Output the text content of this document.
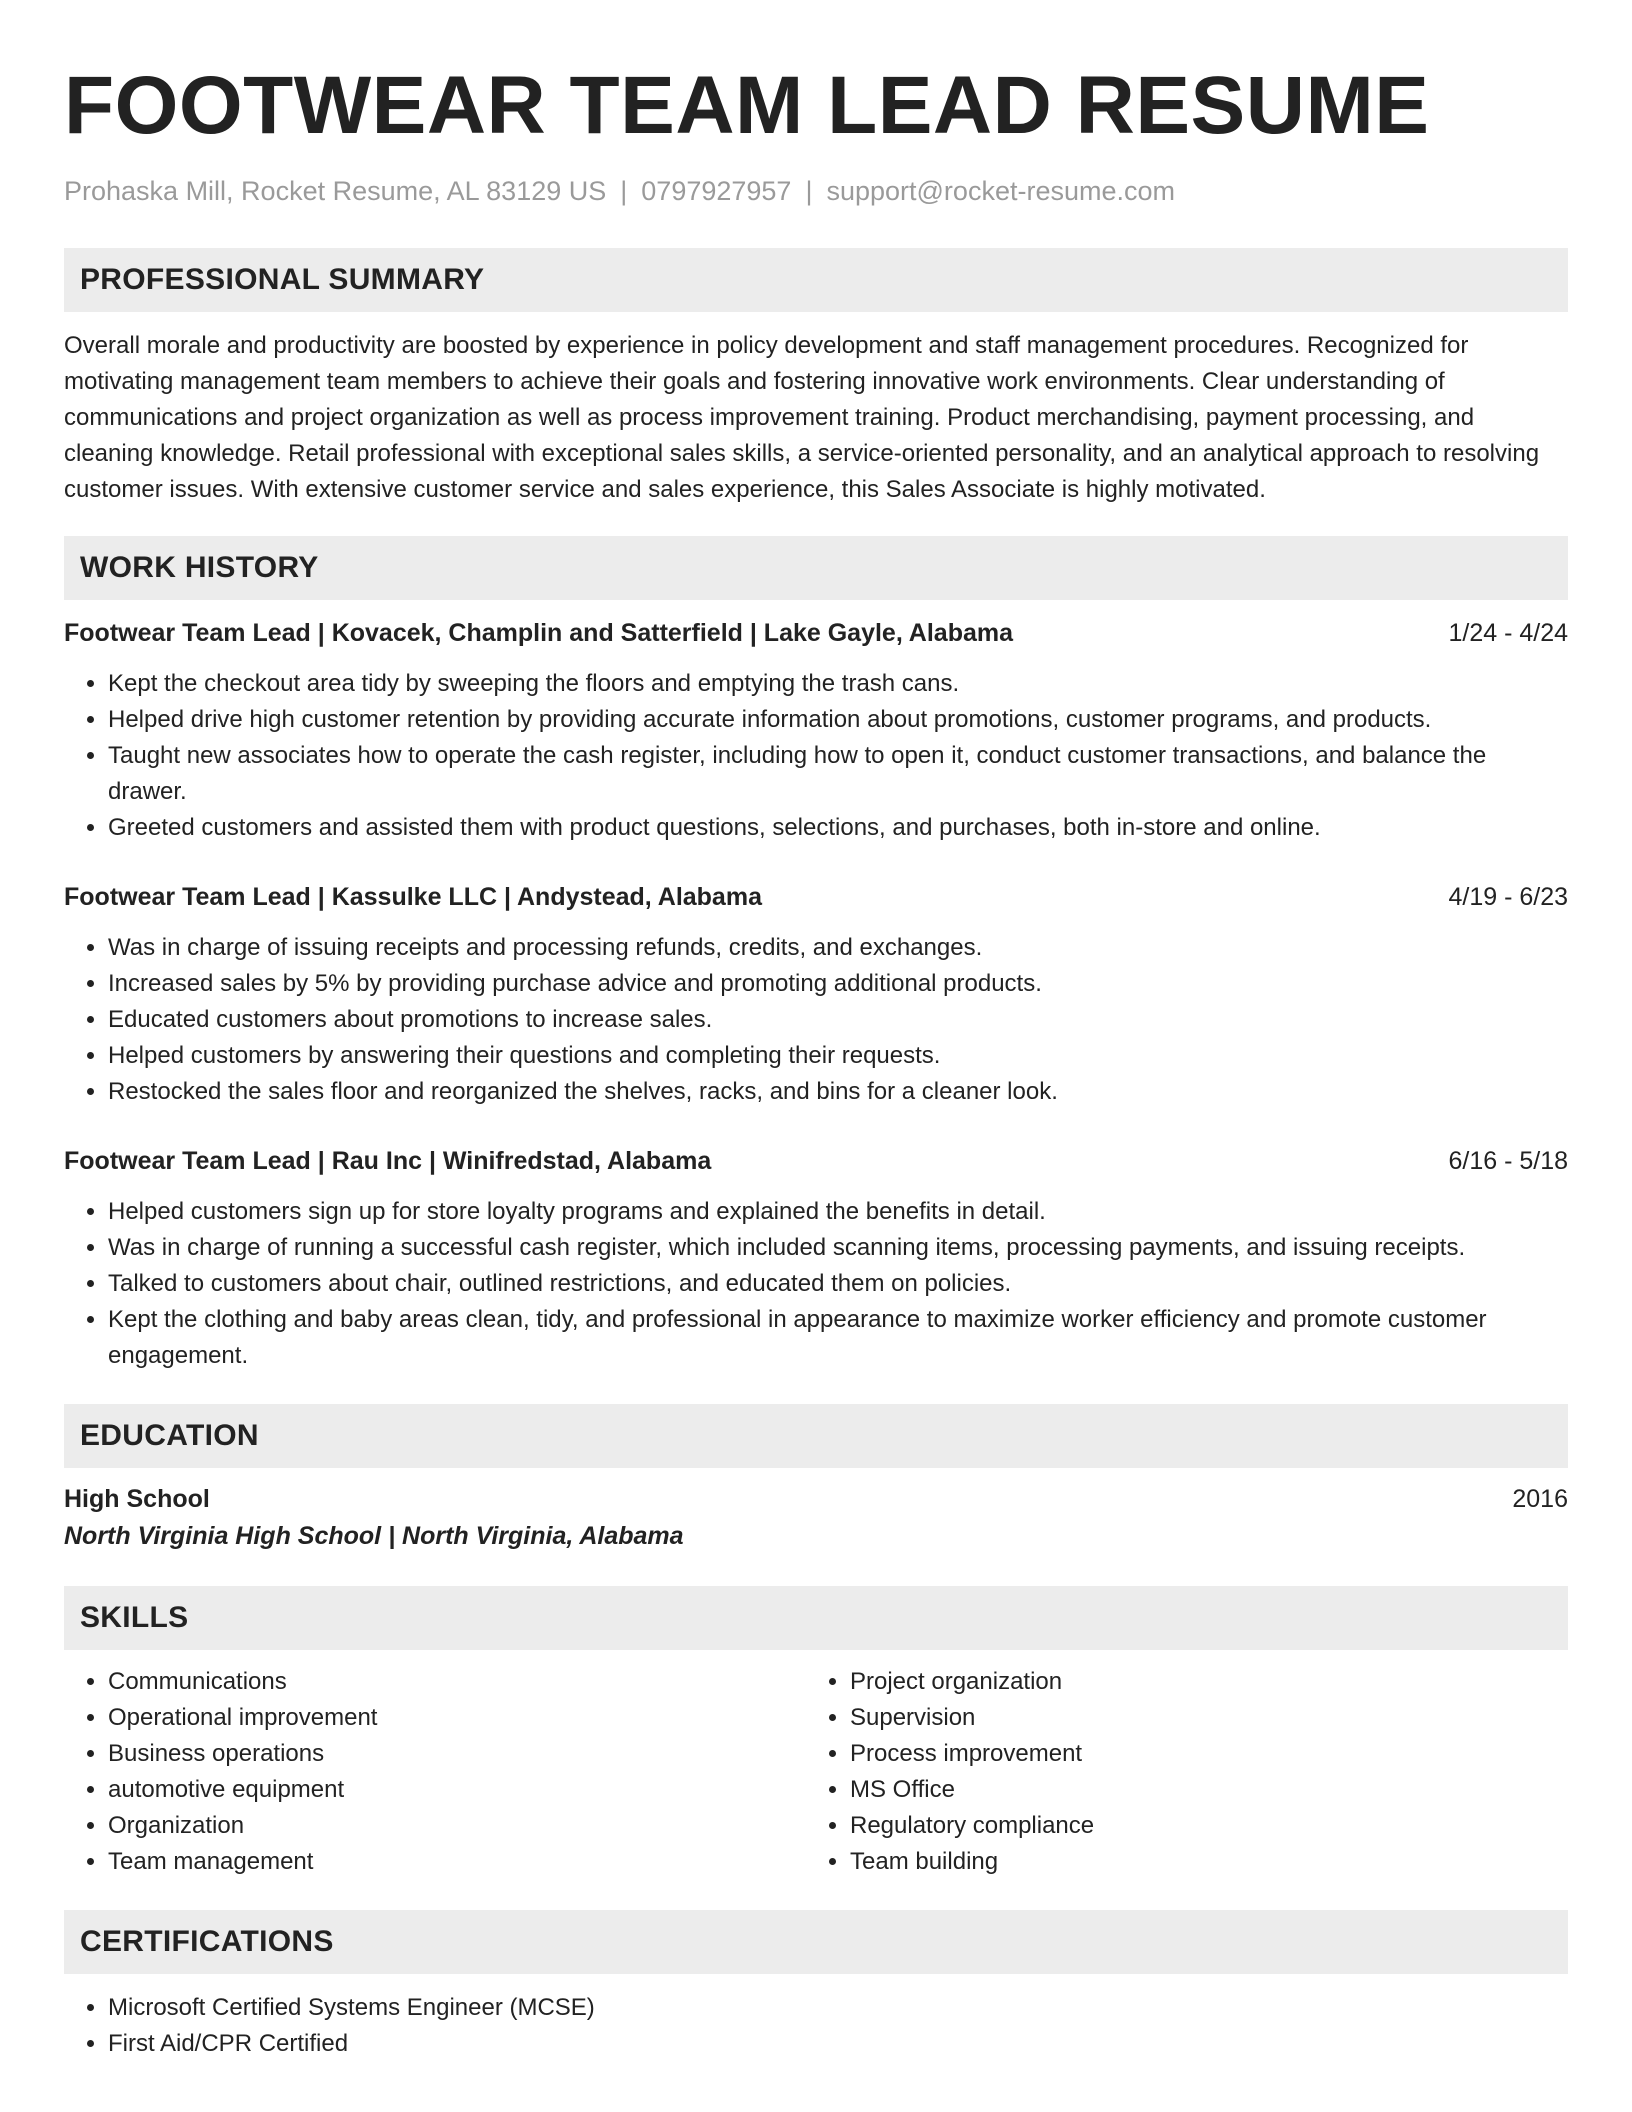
FOOTWEAR TEAM LEAD RESUME
Prohaska Mill, Rocket Resume, AL 83129 US | 0797927957 | support@rocket-resume.com
PROFESSIONAL SUMMARY

Overall morale and productivity are boosted by experience in policy development and staff management procedures. Recognized for motivating management team members to achieve their goals and fostering innovative work environments. Clear understanding of communications and project organization as well as process improvement training. Product merchandising, payment processing, and cleaning knowledge. Retail professional with exceptional sales skills, a service-oriented personality, and an analytical approach to resolving customer issues. With extensive customer service and sales experience, this Sales Associate is highly motivated.

WORK HISTORY
Footwear Team Lead | Kovacek, Champlin and Satterfield | Lake Gayle, Alabama	1/24 - 4/24
• Kept the checkout area tidy by sweeping the floors and emptying the trash cans.
• Helped drive high customer retention by providing accurate information about promotions, customer programs, and products.
• Taught new associates how to operate the cash register, including how to open it, conduct customer transactions, and balance the drawer.
• Greeted customers and assisted them with product questions, selections, and purchases, both in-store and online.
Footwear Team Lead | Kassulke LLC | Andystead, Alabama	4/19 - 6/23
• Was in charge of issuing receipts and processing refunds, credits, and exchanges.
• Increased sales by 5% by providing purchase advice and promoting additional products.
• Educated customers about promotions to increase sales.
• Helped customers by answering their questions and completing their requests.
• Restocked the sales floor and reorganized the shelves, racks, and bins for a cleaner look.
Footwear Team Lead | Rau Inc | Winifredstad, Alabama	6/16 - 5/18
• Helped customers sign up for store loyalty programs and explained the benefits in detail.
• Was in charge of running a successful cash register, which included scanning items, processing payments, and issuing receipts.
• Talked to customers about chair, outlined restrictions, and educated them on policies.
• Kept the clothing and baby areas clean, tidy, and professional in appearance to maximize worker efficiency and promote customer engagement.
EDUCATION
High School	2016
North Virginia High School | North Virginia, Alabama
SKILLS
• Communications
• Operational improvement
• Business operations
• automotive equipment
• Organization
• Team management
• Project organization
• Supervision
• Process improvement
• MS Office
• Regulatory compliance
• Team building
CERTIFICATIONS
• Microsoft Certified Systems Engineer (MCSE)
• First Aid/CPR Certified
